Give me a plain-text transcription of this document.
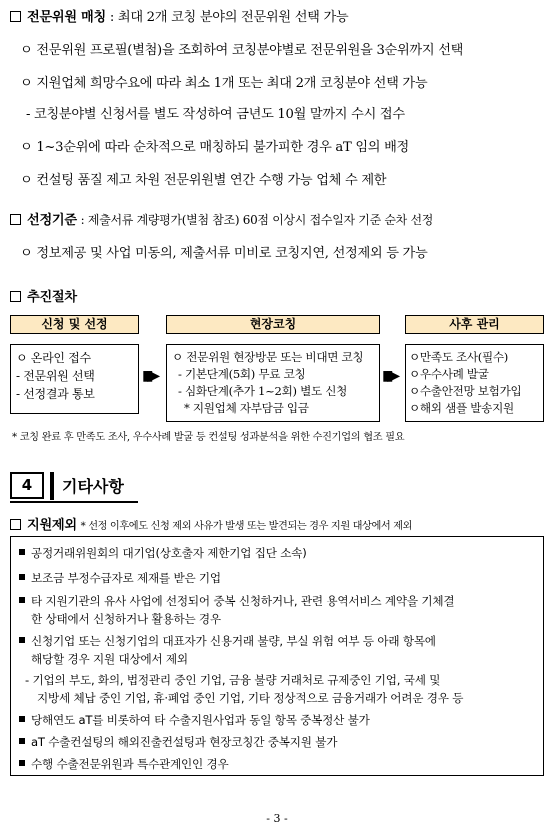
전문위원 매칭 : 최대 2개 코칭 분야의 전문위원 선택 가능
ㅇ 전문위원 프로필(별첨)을 조회하여 코칭분야별로 전문위원을 3순위까지 선택
ㅇ 지원업체 희망수요에 따라 최소 1개 또는 최대 2개 코칭분야 선택 가능
- 코칭분야별 신청서를 별도 작성하여 금년도 10월 말까지 수시 접수
ㅇ 1~3순위에 따라 순차적으로 매칭하되 불가피한 경우 aT 임의 배정
ㅇ 컨설팅 품질 제고 차원 전문위원별 연간 수행 가능 업체 수 제한
선정기준 : 제출서류 계량평가(별첨 참조) 60점 이상시 접수일자 기준 순차 선정
ㅇ 정보제공 및 사업 미동의, 제출서류 미비로 코칭지연, 선정제외 등 가능
추진절차
신청 및 선정	현장코칭	사후 관리
ㅇ 온라인 접수
- 전문위원 선택
- 선정결과 통보
▮▮▶
ㅇ 전문위원 현장방문 또는 비대면 코칭
- 기본단계(5회) 무료 코칭
- 심화단계(추가 1~2회) 별도 신청
* 지원업체 자부담금 입금
▮▮▶
ㅇ만족도 조사(필수)
ㅇ우수사례 발굴
ㅇ수출안전망 보험가입
ㅇ해외 샘플 발송지원
* 코칭 완료 후 만족도 조사, 우수사례 발굴 등 컨설팅 성과분석을 위한 수진기업의 협조 필요
4	기타사항
지원제외 * 선정 이후에도 신청 제외 사유가 발생 또는 발견되는 경우 지원 대상에서 제외
공정거래위원회의 대기업(상호출자 제한기업 집단 소속)
보조금 부정수급자로 제재를 받은 기업
타 지원기관의 유사 사업에 선정되어 중복 신청하거나, 관련 용역서비스 계약을 기체결
한 상태에서 신청하거나 활용하는 경우
신청기업 또는 신청기업의 대표자가 신용거래 불량, 부실 위험 여부 등 아래 항목에
해당할 경우 지원 대상에서 제외
- 기업의 부도, 화의, 법정관리 중인 기업, 금융 불량 거래처로 규제중인 기업, 국세 및
지방세 체납 중인 기업, 휴·폐업 중인 기업, 기타 정상적으로 금융거래가 어려운 경우 등
당해연도 aT를 비롯하여 타 수출지원사업과 동일 항목 중복정산 불가
aT 수출컨설팅의 해외진출컨설팅과 현장코칭간 중복지원 불가
수행 수출전문위원과 특수관계인인 경우
- 3 -
